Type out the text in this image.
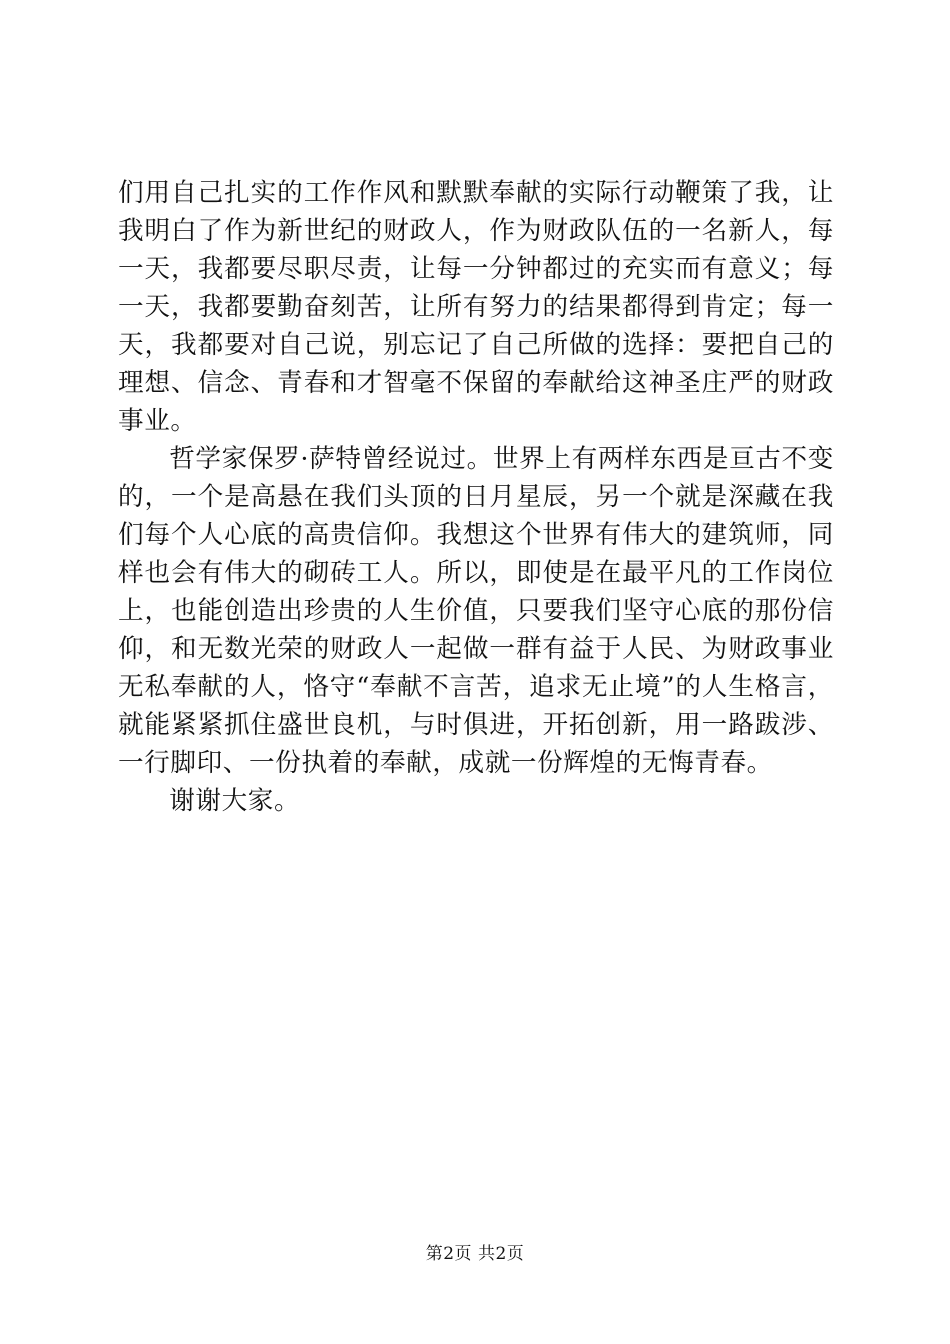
们用自己扎实的工作作风和默默奉献的实际行动鞭策了我，让我明白了作为新世纪的财政人，作为财政队伍的一名新人，每一天，我都要尽职尽责，让每一分钟都过的充实而有意义；每一天，我都要勤奋刻苦，让所有努力的结果都得到肯定；每一天，我都要对自己说，别忘记了自己所做的选择：要把自己的理想、信念、青春和才智毫不保留的奉献给这神圣庄严的财政事业。

哲学家保罗·萨特曾经说过。世界上有两样东西是亘古不变的，一个是高悬在我们头顶的日月星辰，另一个就是深藏在我们每个人心底的高贵信仰。我想这个世界有伟大的建筑师，同样也会有伟大的砌砖工人。所以，即使是在最平凡的工作岗位上，也能创造出珍贵的人生价值，只要我们坚守心底的那份信仰，和无数光荣的财政人一起做一群有益于人民、为财政事业无私奉献的人，恪守“奉献不言苦，追求无止境”的人生格言，就能紧紧抓住盛世良机，与时俱进，开拓创新，用一路跋涉、一行脚印、一份执着的奉献，成就一份辉煌的无悔青春。

谢谢大家。

第2页 共2页
